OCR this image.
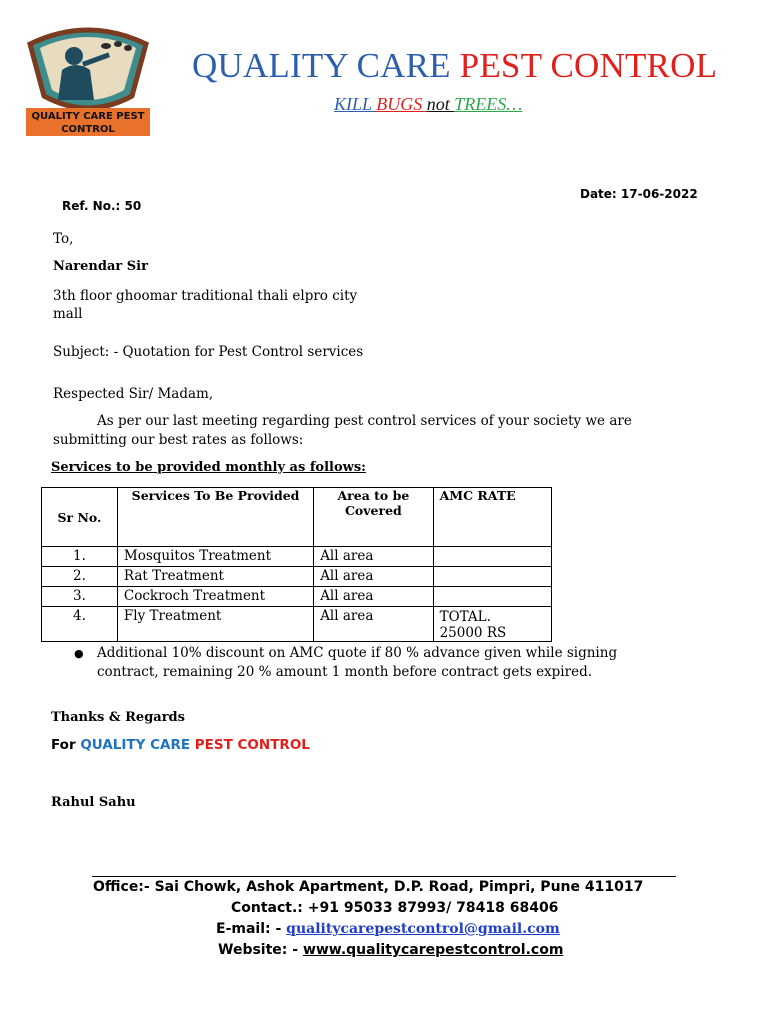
QUALITY CARE PEST
CONTROL
QUALITY CARE PEST CONTROL
KILL BUGS not TREES…
Date: 17-06-2022
Ref. No.: 50
To,
Narendar Sir
3th floor ghoomar traditional thali elpro city
mall
Subject: - Quotation for Pest Control services
Respected Sir/ Madam,
As per our last meeting regarding pest control services of your society we are
submitting our best rates as follows:
Services to be provided monthly as follows:
Sr No.	Services To Be Provided	Area to be Covered	AMC RATE
1.	Mosquitos Treatment	All area	
2.	Rat Treatment	All area	
3.	Cockroch Treatment	All area	
4.	Fly Treatment	All area	TOTAL.
25000 RS
● Additional 10% discount on AMC quote if 80 % advance given while signing
contract, remaining 20 % amount 1 month before contract gets expired.
Thanks & Regards
For QUALITY CARE PEST CONTROL
Rahul Sahu
Office:- Sai Chowk, Ashok Apartment, D.P. Road, Pimpri, Pune 411017
Contact.: +91 95033 87993/ 78418 68406
E-mail: - qualitycarepestcontrol@gmail.com
Website: - www.qualitycarepestcontrol.com
